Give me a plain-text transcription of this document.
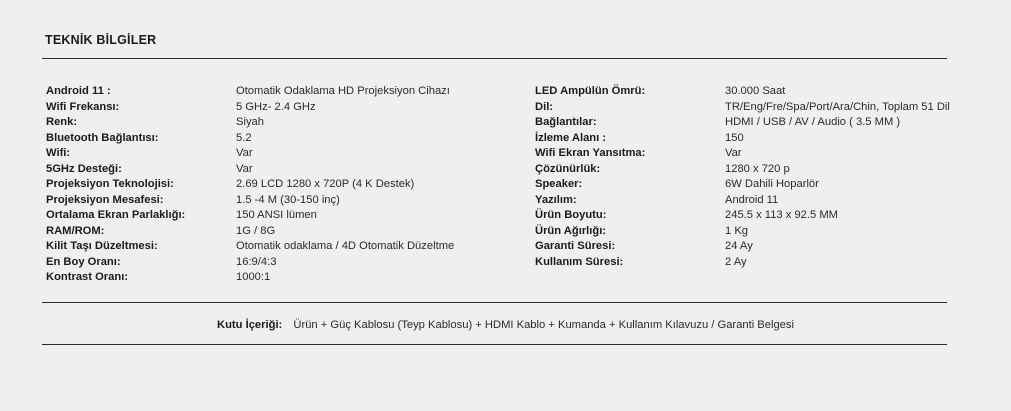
TEKNİK BİLGİLER
Android 11 :	Otomatik Odaklama HD Projeksiyon Cihazı
Wifi Frekansı:	5 GHz- 2.4 GHz
Renk:	Siyah
Bluetooth Bağlantısı:	5.2
Wifi:	Var
5GHz Desteği:	Var
Projeksiyon Teknolojisi:	2.69 LCD 1280 x 720P (4 K Destek)
Projeksiyon Mesafesi:	1.5 -4 M (30-150 inç)
Ortalama Ekran Parlaklığı:	150 ANSI lümen
RAM/ROM:	1G / 8G
Kilit Taşı Düzeltmesi:	Otomatik odaklama / 4D Otomatik Düzeltme
En Boy Oranı:	16:9/4:3
Kontrast Oranı:	1000:1
LED Ampülün Ömrü:	30.000 Saat
Dil:	TR/Eng/Fre/Spa/Port/Ara/Chin, Toplam 51 Dil
Bağlantılar:	HDMI / USB / AV / Audio ( 3.5 MM )
İzleme Alanı :	150
Wifi Ekran Yansıtma:	Var
Çözünürlük:	1280 x 720 p
Speaker:	6W Dahili Hoparlör
Yazılım:	Android 11
Ürün Boyutu:	245.5 x 113 x 92.5 MM
Ürün Ağırlığı:	1 Kg
Garanti Süresi:	24 Ay
Kullanım Süresi:	2 Ay
Kutu İçeriği: Ürün + Güç Kablosu (Teyp Kablosu) + HDMI Kablo + Kumanda + Kullanım Kılavuzu / Garanti Belgesi
